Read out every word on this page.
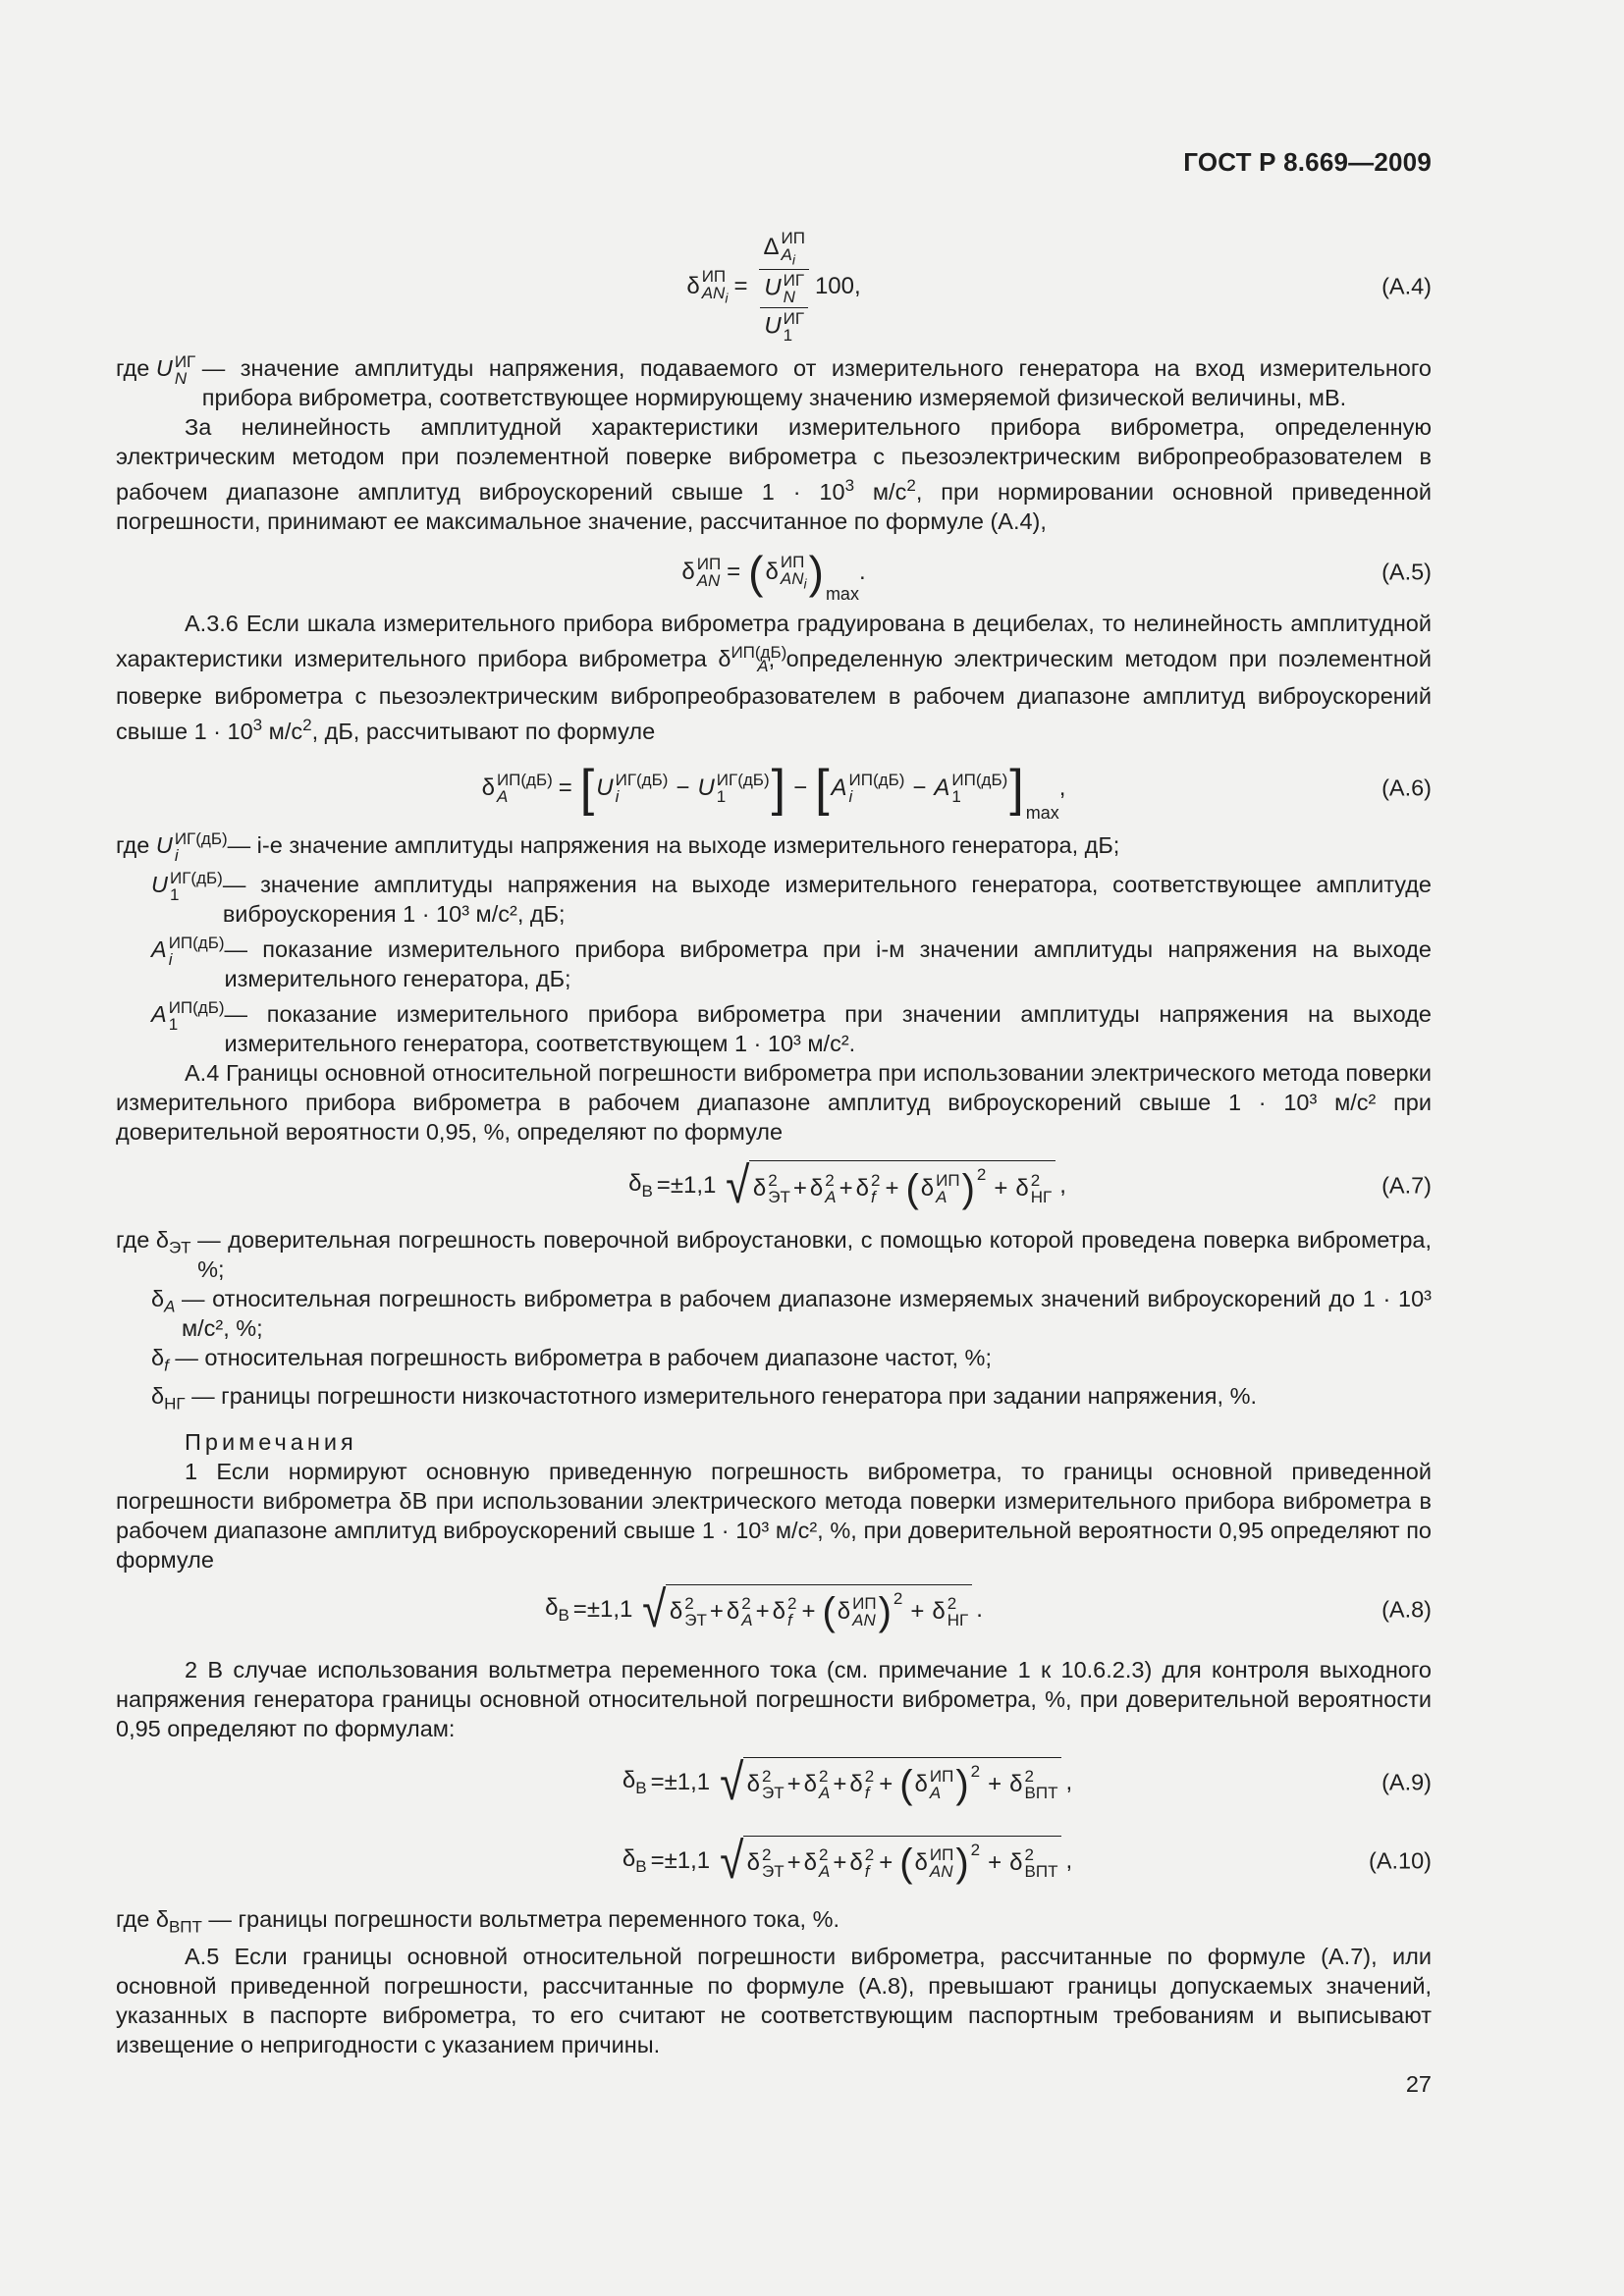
ГОСТ Р 8.669—2009
δ ИП
$AN_i = \Delta$ ИП
$A_i$
U ИГ
N
U ИГ
1 100,	(A.4)
где U ИГ
N
— значение амплитуды напряжения, подаваемого от измерительного генератора на вход измерительного прибора виброметра, соответствующее нормирующему значению измеряемой физической величины, мВ.

За нелинейность амплитудной характеристики измерительного прибора виброметра, определенную электрическим методом при поэлементной поверке виброметра с пьезоэлектрическим вибропреобразователем в рабочем диапазоне амплитуд виброускорений свыше $1 \cdot 10^3$ $м/с^2$, при нормировании основной приведенной погрешности, принимают ее максимальное значение, рассчитанное по формуле (A.4),

δ ИП
AN = ( δ ИП
$AN_i$ ) max
.	(A.5)

А.3.6 Если шкала измерительного прибора виброметра градуирована в децибелах, то нелинейность амплитудной характеристики измерительного прибора виброметра $\delta^{ИП(дБ)}_A$, определенную электрическим методом при поэлементной поверке виброметра с пьезоэлектрическим вибропреобразователем в рабочем диапазоне амплитуд виброускорений свыше $1 \cdot 10^3$ $м/с^2$, дБ, рассчитывают по формуле

δ ИП(дБ)
A	= [ U ИГ(дБ)
i	− U ИГ(дБ)
1 ] − [ A ИП(дБ)
i	− A ИП(дБ)
1 ] max
,	(A.6)
где U ИГ(дБ)
i	— i-е значение амплитуды напряжения на выходе измерительного генератора, дБ;
U ИГ(дБ)
1	— значение амплитуды напряжения на выходе измерительного генератора, соответствующее амплитуде виброускорения 1 · 10³ м/с², дБ;
A ИП(дБ)
i	— показание измерительного прибора виброметра при i-м значении амплитуды напряжения на выходе измерительного генератора, дБ;
A ИП(дБ)
1	— показание измерительного прибора виброметра при значении амплитуды напряжения на выходе измерительного генератора, соответствующем 1 · 10³ м/с².

А.4 Границы основной относительной погрешности виброметра при использовании электрического метода поверки измерительного прибора виброметра в рабочем диапазоне амплитуд виброускорений свыше 1 · 10³ м/с² при доверительной вероятности 0,95, %, определяют по формуле

$\delta_В =\pm 1,1$ √ δ 2
ЭТ + δ 2
A + δ 2
f + ( δ ИП
A )$^2$ + δ 2
НГ ,	(A.7)
где $\delta_{ЭТ}$ — доверительная погрешность поверочной виброустановки, с помощью которой проведена поверка виброметра, %;
$\delta_A$ — относительная погрешность виброметра в рабочем диапазоне измеряемых значений виброускорений до 1 · 10³ м/с², %;
$\delta_f$ — относительная погрешность виброметра в рабочем диапазоне частот, %;
$\delta_{НГ}$ — границы погрешности низкочастотного измерительного генератора при задании напряжения, %.

Примечания

1 Если нормируют основную приведенную погрешность виброметра, то границы основной приведенной погрешности виброметра δВ при использовании электрического метода поверки измерительного прибора виброметра в рабочем диапазоне амплитуд виброускорений свыше 1 · 10³ м/с², %, при доверительной вероятности 0,95 определяют по формуле

$\delta_В =\pm 1,1$ √ δ 2
ЭТ + δ 2
A + δ 2
f + ( δ ИП
AN )$^2$ + δ 2
НГ .	(A.8)

2 В случае использования вольтметра переменного тока (см. примечание 1 к 10.6.2.3) для контроля выходного напряжения генератора границы основной относительной погрешности виброметра, %, при доверительной вероятности 0,95 определяют по формулам:

$\delta_В =\pm 1,1$ √ δ 2
ЭТ + δ 2
A + δ 2
f + ( δ ИП
A )$^2$ + δ 2
ВПТ ,	(A.9)
$\delta_В =\pm 1,1$ √ δ 2
ЭТ + δ 2
A + δ 2
f + ( δ ИП
AN )$^2$ + δ 2
ВПТ ,	(A.10)
где $\delta_{ВПТ}$ — границы погрешности вольтметра переменного тока, %.

А.5 Если границы основной относительной погрешности виброметра, рассчитанные по формуле (A.7), или основной приведенной погрешности, рассчитанные по формуле (A.8), превышают границы допускаемых значений, указанных в паспорте виброметра, то его считают не соответствующим паспортным требованиям и выписывают извещение о непригодности с указанием причины.

27
